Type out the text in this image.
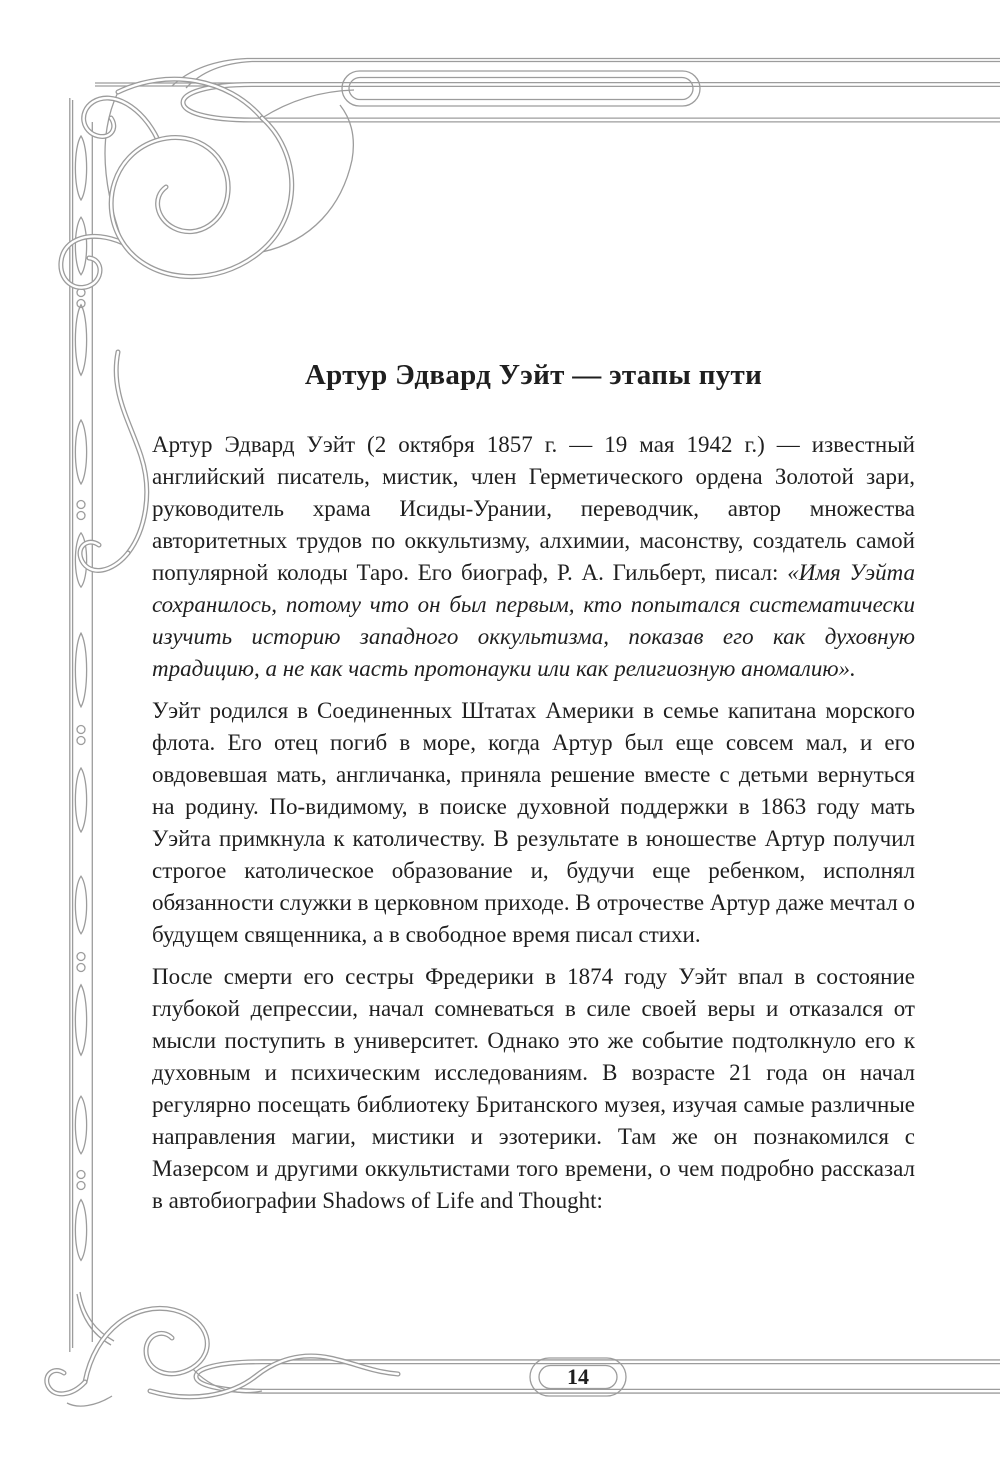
Артур Эдвард Уэйт — этапы пути

Артур Эдвард Уэйт (2 октября 1857 г. — 19 мая 1942 г.) — известный английский писатель, мистик, член Герметического ордена Золотой зари, руководитель храма Исиды-Урании, переводчик, автор множества авторитетных трудов по оккультизму, алхимии, масонству, создатель самой популярной колоды Таро. Его биограф, Р. А. Гильберт, писал: «Имя Уэйта сохранилось, потому что он был первым, кто попытался систематически изучить историю западного оккультизма, показав его как духовную традицию, а не как часть протонауки или как религиозную аномалию».

Уэйт родился в Соединенных Штатах Америки в семье капитана морского флота. Его отец погиб в море, когда Артур был еще совсем мал, и его овдовевшая мать, англичанка, приняла решение вместе с детьми вернуться на родину. По-видимому, в поиске духовной поддержки в 1863 году мать Уэйта примкнула к католичеству. В результате в юношестве Артур получил строгое католическое образование и, будучи еще ребенком, исполнял обязанности служки в церковном приходе. В отрочестве Артур даже мечтал о будущем священника, а в свободное время писал стихи.

После смерти его сестры Фредерики в 1874 году Уэйт впал в состояние глубокой депрессии, начал сомневаться в силе своей веры и отказался от мысли поступить в университет. Однако это же событие подтолкнуло его к духовным и психическим исследованиям. В возрасте 21 года он начал регулярно посещать библиотеку Британского музея, изучая самые различные направления магии, мистики и эзотерики. Там же он познакомился с Мазерсом и другими оккультистами того времени, о чем подробно рассказал в автобиографии Shadows of Life and Thought:

14
